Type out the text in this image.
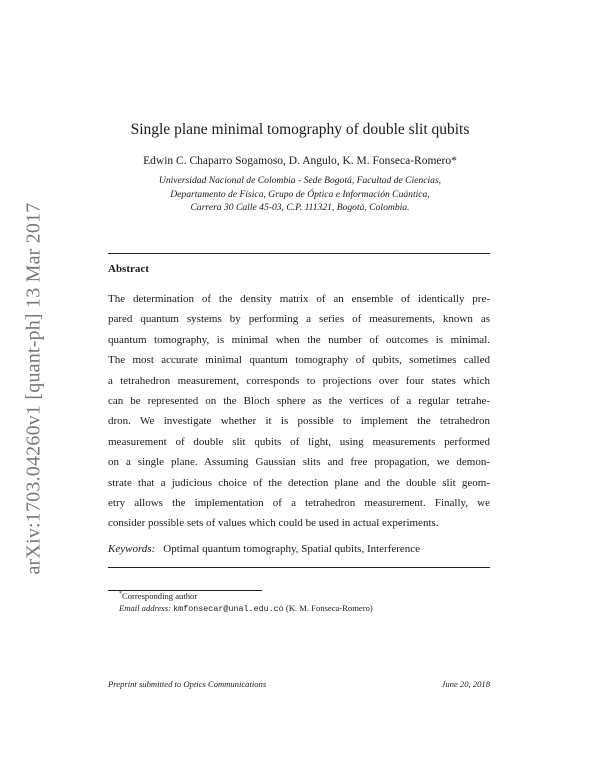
arXiv:1703.04260v1 [quant-ph] 13 Mar 2017
Single plane minimal tomography of double slit qubits
Edwin C. Chaparro Sogamoso, D. Angulo, K. M. Fonseca-Romero*
Universidad Nacional de Colombia - Sede Bogotá, Facultad de Ciencias,
Departamento de Física, Grupo de Óptica e Información Cuántica,
Carrera 30 Calle 45-03, C.P. 111321, Bogotá, Colombia.
Abstract
The determination of the density matrix of an ensemble of identically pre-
pared quantum systems by performing a series of measurements, known as
quantum tomography, is minimal when the number of outcomes is minimal.
The most accurate minimal quantum tomography of qubits, sometimes called
a tetrahedron measurement, corresponds to projections over four states which
can be represented on the Bloch sphere as the vertices of a regular tetrahe-
dron. We investigate whether it is possible to implement the tetrahedron
measurement of double slit qubits of light, using measurements performed
on a single plane. Assuming Gaussian slits and free propagation, we demon-
strate that a judicious choice of the detection plane and the double slit geom-
etry allows the implementation of a tetrahedron measurement. Finally, we
consider possible sets of values which could be used in actual experiments.
Keywords: Optimal quantum tomography, Spatial qubits, Interference
*Corresponding author
Email address: kmfonsecar@unal.edu.co (K. M. Fonseca-Romero)
Preprint submitted to Optics Communications	June 20, 2018
